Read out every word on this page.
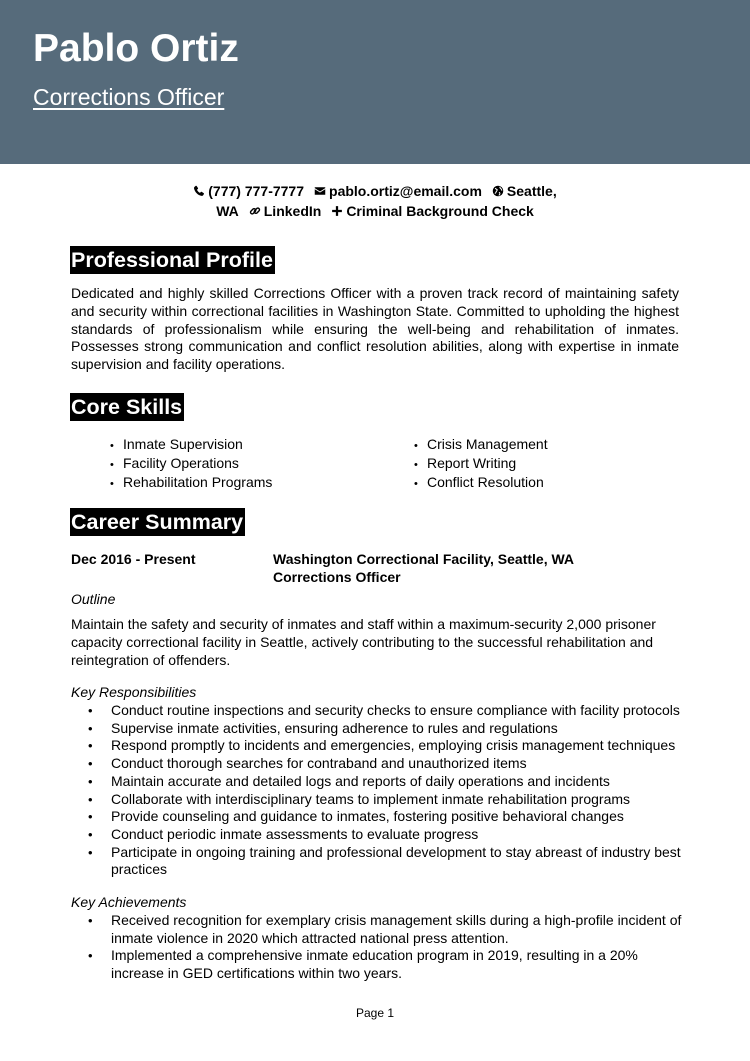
Pablo Ortiz
Corrections Officer
(777) 777-7777 pablo.ortiz@email.com Seattle,
WA LinkedIn Criminal Background Check
Professional Profile
Dedicated and highly skilled Corrections Officer with a proven track record of maintaining safety and security within correctional facilities in Washington State. Committed to upholding the highest standards of professionalism while ensuring the well-being and rehabilitation of inmates. Possesses strong communication and conflict resolution abilities, along with expertise in inmate supervision and facility operations.
Core Skills
• Inmate Supervision
• Facility Operations
• Rehabilitation Programs
• Crisis Management
• Report Writing
• Conflict Resolution
Career Summary
Dec 2016 - Present	Washington Correctional Facility, Seattle, WA
Corrections Officer
Outline
Maintain the safety and security of inmates and staff within a maximum-security 2,000 prisoner capacity correctional facility in Seattle, actively contributing to the successful rehabilitation and reintegration of offenders.
Key Responsibilities
• Conduct routine inspections and security checks to ensure compliance with facility protocols
• Supervise inmate activities, ensuring adherence to rules and regulations
• Respond promptly to incidents and emergencies, employing crisis management techniques
• Conduct thorough searches for contraband and unauthorized items
• Maintain accurate and detailed logs and reports of daily operations and incidents
• Collaborate with interdisciplinary teams to implement inmate rehabilitation programs
• Provide counseling and guidance to inmates, fostering positive behavioral changes
• Conduct periodic inmate assessments to evaluate progress
• Participate in ongoing training and professional development to stay abreast of industry best practices
Key Achievements
• Received recognition for exemplary crisis management skills during a high-profile incident of inmate violence in 2020 which attracted national press attention.
• Implemented a comprehensive inmate education program in 2019, resulting in a 20% increase in GED certifications within two years.
Page 1
